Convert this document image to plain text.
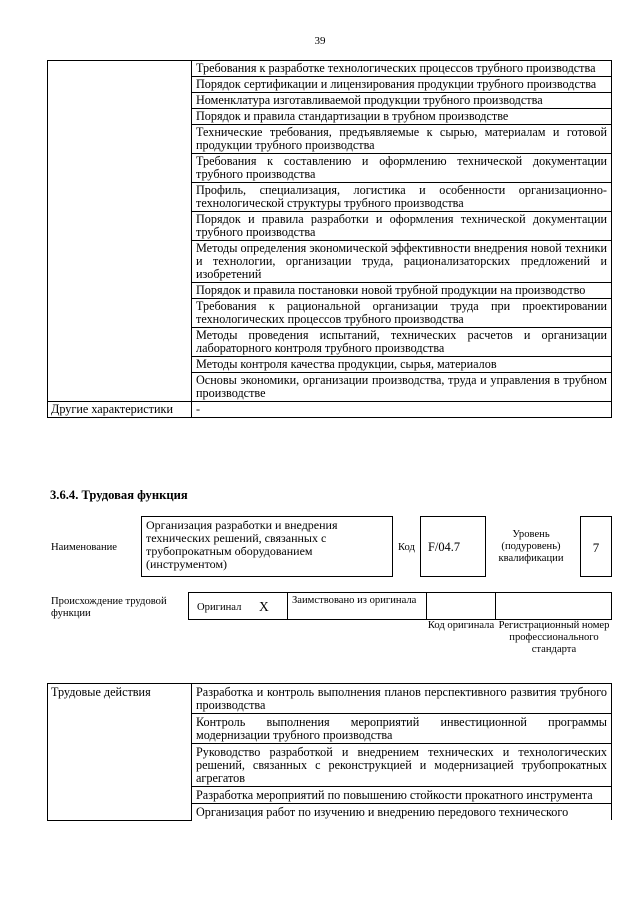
39
	Требования к разработке технологических процессов трубного производства
	Порядок сертификации и лицензирования продукции трубного производства
	Номенклатура изготавливаемой продукции трубного производства
	Порядок и правила стандартизации в трубном производстве
	Технические требования, предъявляемые к сырью, материалам и готовой продукции трубного производства
	Требования к составлению и оформлению технической документации трубного производства
	Профиль, специализация, логистика и особенности организационно-технологической структуры трубного производства
	Порядок и правила разработки и оформления технической документации трубного производства
	Методы определения экономической эффективности внедрения новой техники и технологии, организации труда, рационализаторских предложений и изобретений
	Порядок и правила постановки новой трубной продукции на производство
	Требования к рациональной организации труда при проектировании технологических процессов трубного производства
	Методы проведения испытаний, технических расчетов и организации лабораторного контроля трубного производства
	Методы контроля качества продукции, сырья, материалов
	Основы экономики, организации производства, труда и управления в трубном производстве
Другие характеристики	-
3.6.4. Трудовая функция
Наименование
Организация разработки и внедрения технических решений, связанных с трубопрокатным оборудованием (инструментом)
Код F/04.7
Уровень (подуровень) квалификации
7
Происхождение трудовой функции
Оригинал X Заимствовано из оригинала
Код оригинала Регистрационный номер профессионального стандарта
Трудовые действия	Разработка и контроль выполнения планов перспективного развития трубного производства
Контроль выполнения мероприятий инвестиционной программы модернизации трубного производства
Руководство разработкой и внедрением технических и технологических решений, связанных с реконструкцией и модернизацией трубопрокатных агрегатов
Разработка мероприятий по повышению стойкости прокатного инструмента
Организация работ по изучению и внедрению передового технического
